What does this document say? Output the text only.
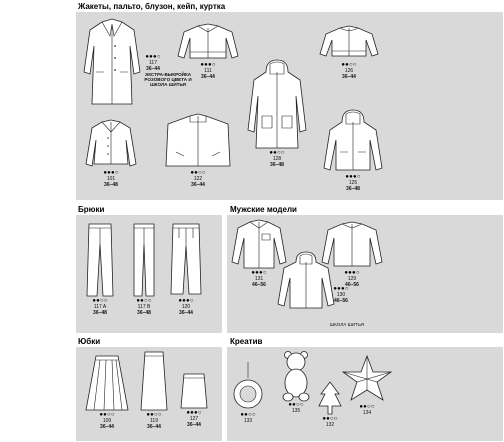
Жакеты, пальто, блузон, кейп, куртка
●●●○
117
36–44
ЭКСТРА-ВЫКРОЙКА РОЗОВОГО ЦВЕТА И ШКОЛА ШИТЬЯ
●●●○
111
36–44
●●○○
126
36–44
●●○○
128
36–48
●●●○
101
36–48
●●○○
122
36–44
●●●○
125
36–48
Брюки
●●○○
117 A
36–48
●●○○
117 B
36–48
●●●○
120
36–44
Мужские модели
●●●○
131
46–56
●●●○
129
46–56
●●●○
130
46–56
ШКОЛА ШИТЬЯ
Юбки
●●○○
109
36–44
●●○○
119
36–44
●●●○
127
36–44
Креатив
●●○○
133
●●○○
135
●●○○
132
●●○○
134
